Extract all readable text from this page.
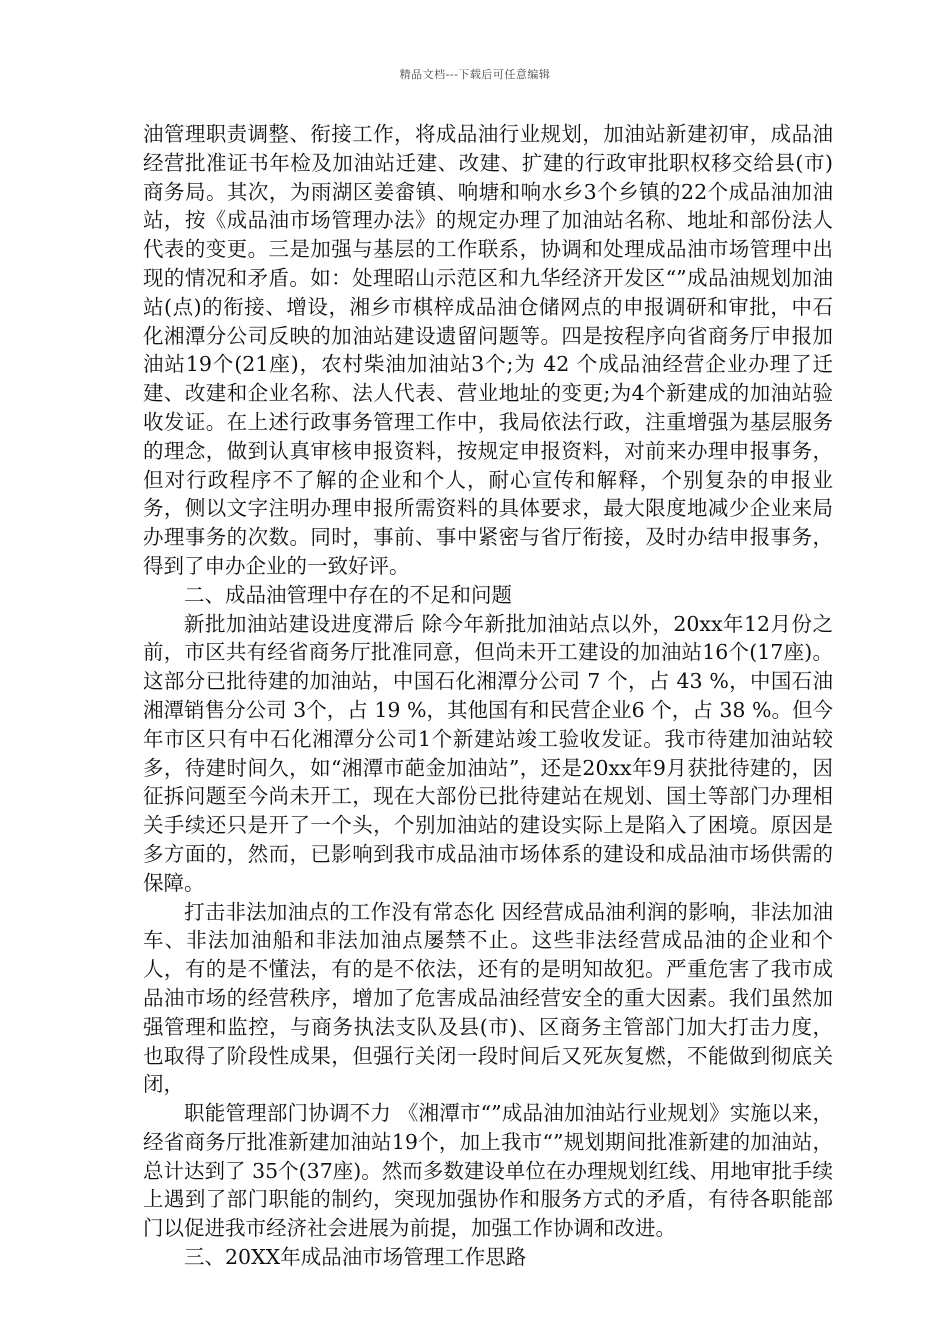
精品文档---下载后可任意编辑

油管理职责调整、衔接工作，将成品油行业规划，加油站新建初审，成品油经营批准证书年检及加油站迁建、改建、扩建的行政审批职权移交给县(市)商务局。其次，为雨湖区姜畲镇、响塘和响水乡3个乡镇的22个成品油加油站，按《成品油市场管理办法》的规定办理了加油站名称、地址和部份法人代表的变更。三是加强与基层的工作联系，协调和处理成品油市场管理中出现的情况和矛盾。如：处理昭山示范区和九华经济开发区“”成品油规划加油站(点)的衔接、增设，湘乡市棋梓成品油仓储网点的申报调研和审批，中石化湘潭分公司反映的加油站建设遗留问题等。四是按程序向省商务厅申报加油站19个(21座)，农村柴油加油站3个;为 42 个成品油经营企业办理了迁建、改建和企业名称、法人代表、营业地址的变更;为4个新建成的加油站验收发证。在上述行政事务管理工作中，我局依法行政，注重增强为基层服务的理念，做到认真审核申报资料，按规定申报资料，对前来办理申报事务，但对行政程序不了解的企业和个人，耐心宣传和解释，个别复杂的申报业务，侧以文字注明办理申报所需资料的具体要求，最大限度地减少企业来局办理事务的次数。同时，事前、事中紧密与省厅衔接，及时办结申报事务，得到了申办企业的一致好评。

二、成品油管理中存在的不足和问题

新批加油站建设进度滞后 除今年新批加油站点以外，20xx年12月份之前，市区共有经省商务厅批准同意，但尚未开工建设的加油站16个(17座)。这部分已批待建的加油站，中国石化湘潭分公司 7 个，占 43 %，中国石油湘潭销售分公司 3个，占 19 %，其他国有和民营企业6 个，占 38 %。但今年市区只有中石化湘潭分公司1个新建站竣工验收发证。我市待建加油站较多，待建时间久，如“湘潭市葩金加油站”，还是20xx年9月获批待建的，因征拆问题至今尚未开工，现在大部份已批待建站在规划、国土等部门办理相关手续还只是开了一个头，个别加油站的建设实际上是陷入了困境。原因是多方面的，然而，已影响到我市成品油市场体系的建设和成品油市场供需的保障。

打击非法加油点的工作没有常态化 因经营成品油利润的影响，非法加油车、非法加油船和非法加油点屡禁不止。这些非法经营成品油的企业和个人，有的是不懂法，有的是不依法，还有的是明知故犯。严重危害了我市成品油市场的经营秩序，增加了危害成品油经营安全的重大因素。我们虽然加强管理和监控，与商务执法支队及县(市)、区商务主管部门加大打击力度，也取得了阶段性成果，但强行关闭一段时间后又死灰复燃，不能做到彻底关闭，

职能管理部门协调不力 《湘潭市“”成品油加油站行业规划》实施以来，经省商务厅批准新建加油站19个，加上我市“”规划期间批准新建的加油站，总计达到了 35个(37座)。然而多数建设单位在办理规划红线、用地审批手续上遇到了部门职能的制约，突现加强协作和服务方式的矛盾，有待各职能部门以促进我市经济社会进展为前提，加强工作协调和改进。

三、20XX年成品油市场管理工作思路
